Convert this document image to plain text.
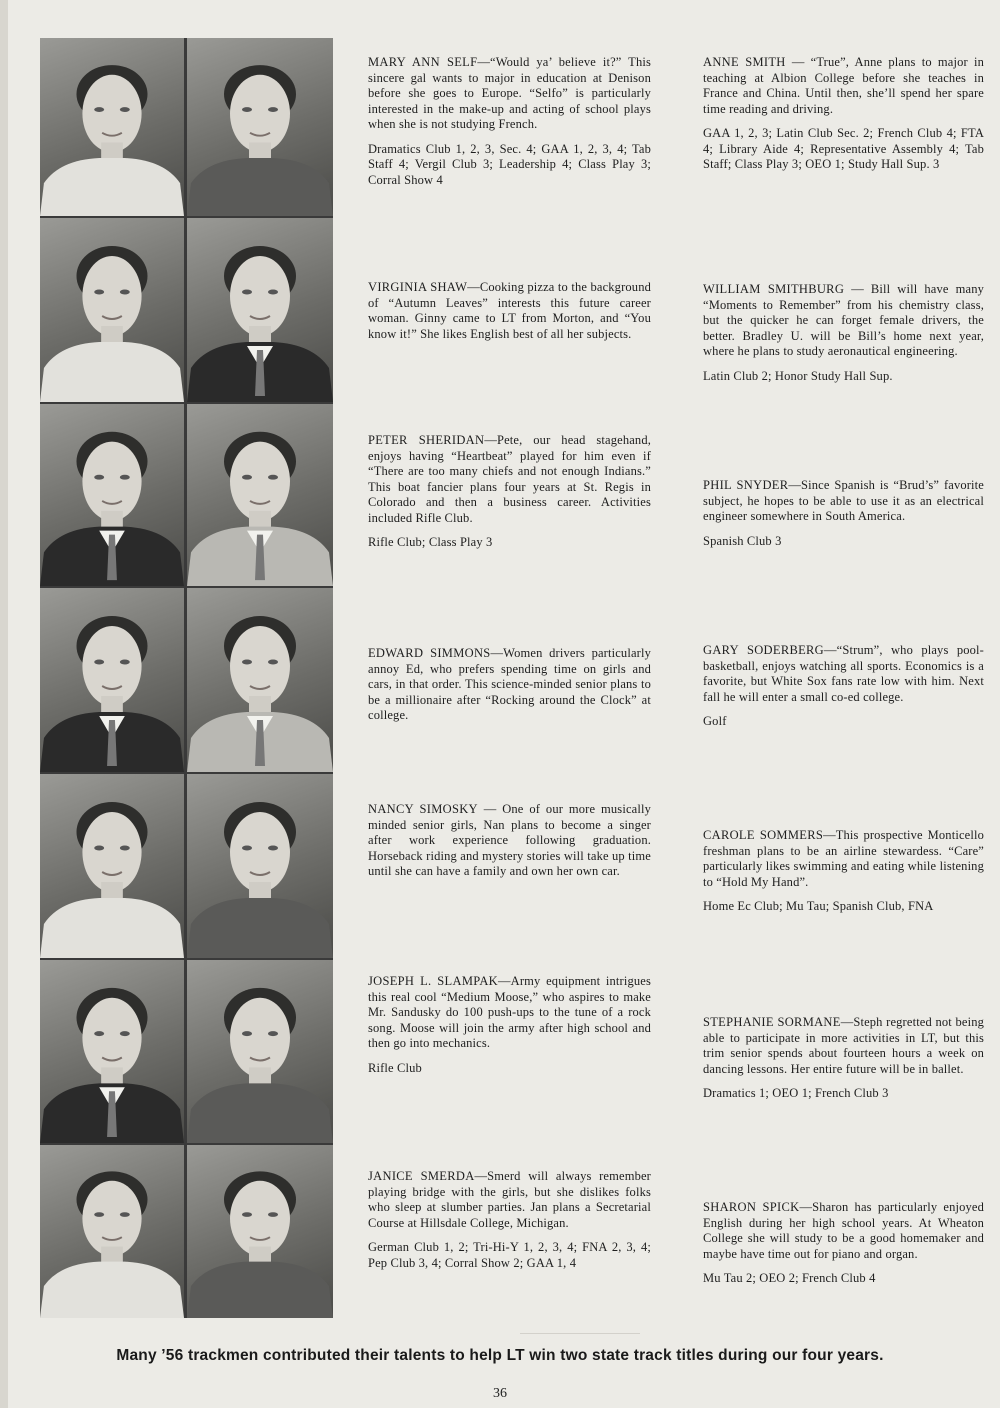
MARY ANN SELF—“Would ya’ believe it?” This sincere gal wants to major in education at Denison before she goes to Europe. “Selfo” is particularly interested in the make-up and acting of school plays when she is not studying French.

Dramatics Club 1, 2, 3, Sec. 4; GAA 1, 2, 3, 4; Tab Staff 4; Vergil Club 3; Leadership 4; Class Play 3; Corral Show 4

ANNE SMITH — “True”, Anne plans to major in teaching at Albion College before she teaches in France and China. Until then, she’ll spend her spare time reading and driving.

GAA 1, 2, 3; Latin Club Sec. 2; French Club 4; FTA 4; Library Aide 4; Representative Assembly 4; Tab Staff; Class Play 3; OEO 1; Study Hall Sup. 3

VIRGINIA SHAW—Cooking pizza to the background of “Autumn Leaves” interests this future career woman. Ginny came to LT from Morton, and “You know it!” She likes English best of all her subjects.

WILLIAM SMITHBURG — Bill will have many “Moments to Remember” from his chemistry class, but the quicker he can forget female drivers, the better. Bradley U. will be Bill’s home next year, where he plans to study aeronautical engineering.

Latin Club 2; Honor Study Hall Sup.

PETER SHERIDAN—Pete, our head stagehand, enjoys having “Heartbeat” played for him even if “There are too many chiefs and not enough Indians.” This boat fancier plans four years at St. Regis in Colorado and then a business career. Activities included Rifle Club.

Rifle Club; Class Play 3

PHIL SNYDER—Since Spanish is “Brud’s” favorite subject, he hopes to be able to use it as an electrical engineer somewhere in South America.

Spanish Club 3

EDWARD SIMMONS—Women drivers particularly annoy Ed, who prefers spending time on girls and cars, in that order. This science-minded senior plans to be a millionaire after “Rocking around the Clock” at college.

GARY SODERBERG—“Strum”, who plays pool-basketball, enjoys watching all sports. Economics is a favorite, but White Sox fans rate low with him. Next fall he will enter a small co-ed college.

Golf

NANCY SIMOSKY — One of our more musically minded senior girls, Nan plans to become a singer after work experience following graduation. Horseback riding and mystery stories will take up time until she can have a family and own her own car.

CAROLE SOMMERS—This prospective Monticello freshman plans to be an airline stewardess. “Care” particularly likes swimming and eating while listening to “Hold My Hand”.

Home Ec Club; Mu Tau; Spanish Club, FNA

JOSEPH L. SLAMPAK—Army equipment intrigues this real cool “Medium Moose,” who aspires to make Mr. Sandusky do 100 push-ups to the tune of a rock song. Moose will join the army after high school and then go into mechanics.

Rifle Club

STEPHANIE SORMANE—Steph regretted not being able to participate in more activities in LT, but this trim senior spends about fourteen hours a week on dancing lessons. Her entire future will be in ballet.

Dramatics 1; OEO 1; French Club 3

JANICE SMERDA—Smerd will always remember playing bridge with the girls, but she dislikes folks who sleep at slumber parties. Jan plans a Secretarial Course at Hillsdale College, Michigan.

German Club 1, 2; Tri-Hi-Y 1, 2, 3, 4; FNA 2, 3, 4; Pep Club 3, 4; Corral Show 2; GAA 1, 4

SHARON SPICK—Sharon has particularly enjoyed English during her high school years. At Wheaton College she will study to be a good homemaker and maybe have time out for piano and organ.

Mu Tau 2; OEO 2; French Club 4

Many ’56 trackmen contributed their talents to help LT win two state track titles during our four years.
36
